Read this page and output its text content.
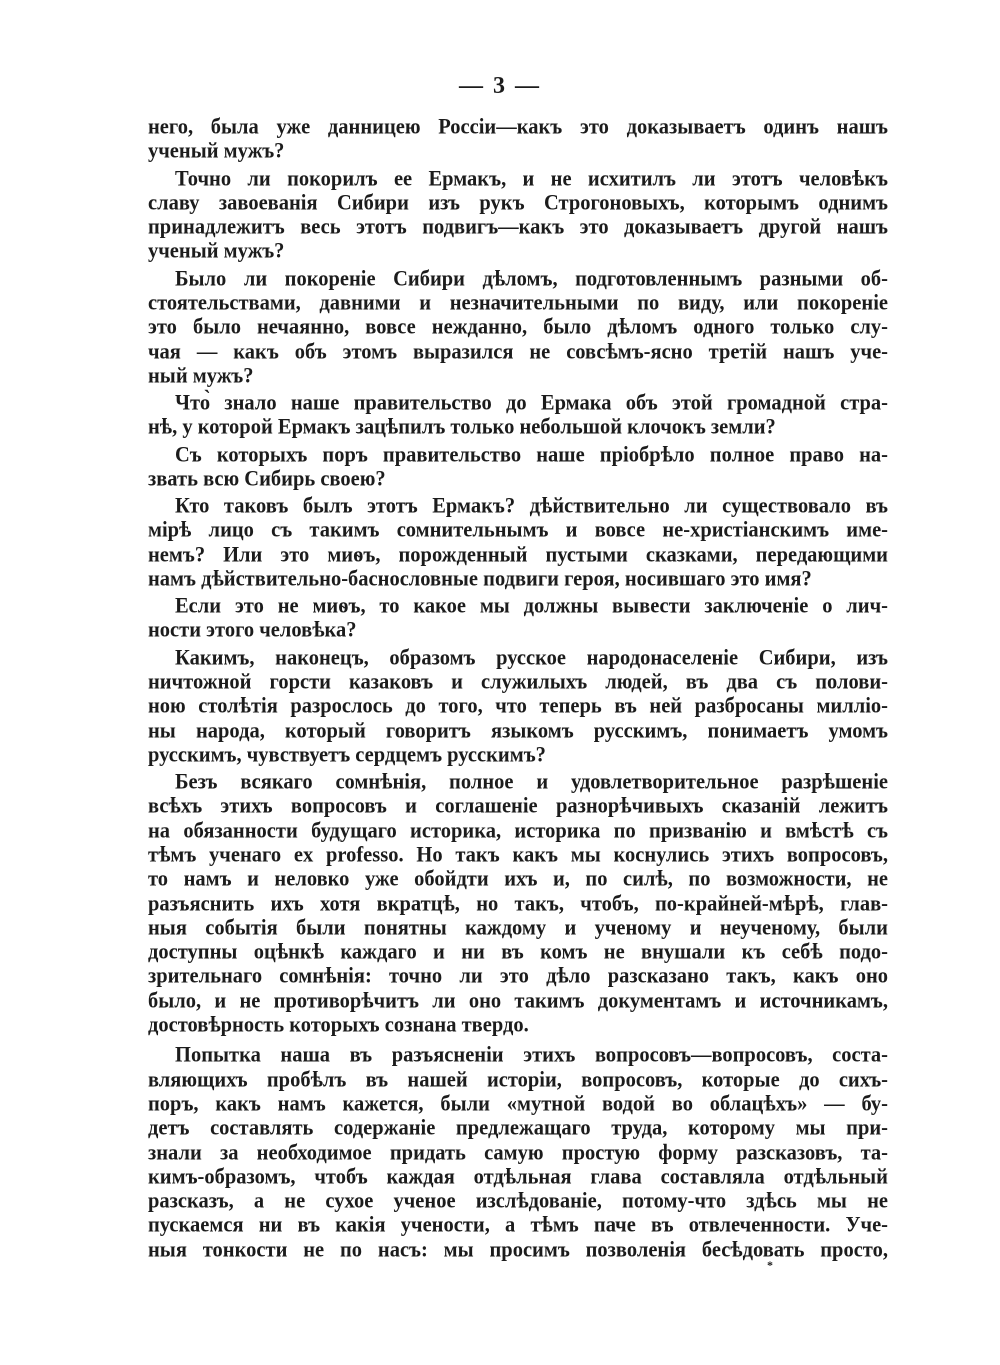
— 3 —
него, была уже данницею Россіи—какъ это доказываетъ одинъ нашъ
ученый мужъ?
Точно ли покорилъ ее Ермакъ, и не исхитилъ ли этотъ человѣкъ
славу завоеванія Сибири изъ рукъ Строгоновыхъ, которымъ однимъ
принадлежитъ весь этотъ подвигъ—какъ это доказываетъ другой нашъ
ученый мужъ?
Было ли покореніе Сибири дѣломъ, подготовленнымъ разными об-
стоятельствами, давними и незначительными по виду, или покореніе
это было нечаянно, вовсе нежданно, было дѣломъ одного только слу-
чая — какъ объ этомъ выразился не совсѣмъ-ясно третій нашъ уче-
ный мужъ?
Что̀ знало наше правительство до Ермака объ этой громадной стра-
нѣ, у которой Ермакъ зацѣпилъ только небольшой клочокъ земли?
Съ которыхъ поръ правительство наше пріобрѣло полное право на-
звать всю Сибирь своею?
Кто таковъ былъ этотъ Ермакъ? дѣйствительно ли существовало въ
мірѣ лицо съ такимъ сомнительнымъ и вовсе не-христіанскимъ име-
немъ? Или это миѳъ, порожденный пустыми сказками, передающими
намъ дѣйствительно-баснословные подвиги героя, носившаго это имя?
Если это не миѳъ, то какое мы должны вывести заключеніе о лич-
ности этого человѣка?
Какимъ, наконецъ, образомъ русское народонаселеніе Сибири, изъ
ничтожной горсти казаковъ и служилыхъ людей, въ два съ полови-
ною столѣтія разрослось до того, что теперь въ ней разбросаны милліо-
ны народа, который говоритъ языкомъ русскимъ, понимаетъ умомъ
русскимъ, чувствуетъ сердцемъ русскимъ?
Безъ всякаго сомнѣнія, полное и удовлетворительное разрѣшеніе
всѣхъ этихъ вопросовъ и соглашеніе разнорѣчивыхъ сказаній лежитъ
на обязанности будущаго историка, историка по призванію и вмѣстѣ съ
тѣмъ ученаго ex professo. Но такъ какъ мы коснулись этихъ вопросовъ,
то намъ и неловко уже обойдти ихъ и, по силѣ, по возможности, не
разъяснить ихъ хотя вкратцѣ, но такъ, чтобъ, по-крайней-мѣрѣ, глав-
ныя событія были понятны каждому и ученому и неученому, были
доступны оцѣнкѣ каждаго и ни въ комъ не внушали къ себѣ подо-
зрительнаго сомнѣнія: точно ли это дѣло разсказано такъ, какъ оно
было, и не противорѣчитъ ли оно такимъ документамъ и источникамъ,
достовѣрность которыхъ сознана твердо.
Попытка наша въ разъясненіи этихъ вопросовъ—вопросовъ, соста-
вляющихъ пробѣлъ въ нашей исторіи, вопросовъ, которые до сихъ-
поръ, какъ намъ кажется, были «мутной водой во облацѣхъ» — бу-
детъ составлять содержаніе предлежащаго труда, которому мы при-
знали за необходимое придать самую простую форму разсказовъ, та-
кимъ-образомъ, чтобъ каждая отдѣльная глава составляла отдѣльный
разсказъ, а не сухое ученое изслѣдованіе, потому-что здѣсь мы не
пускаемся ни въ какія учености, а тѣмъ паче въ отвлеченности. Уче-
ныя тонкости не по насъ: мы просимъ позволенія бесѣдовать просто,
*
